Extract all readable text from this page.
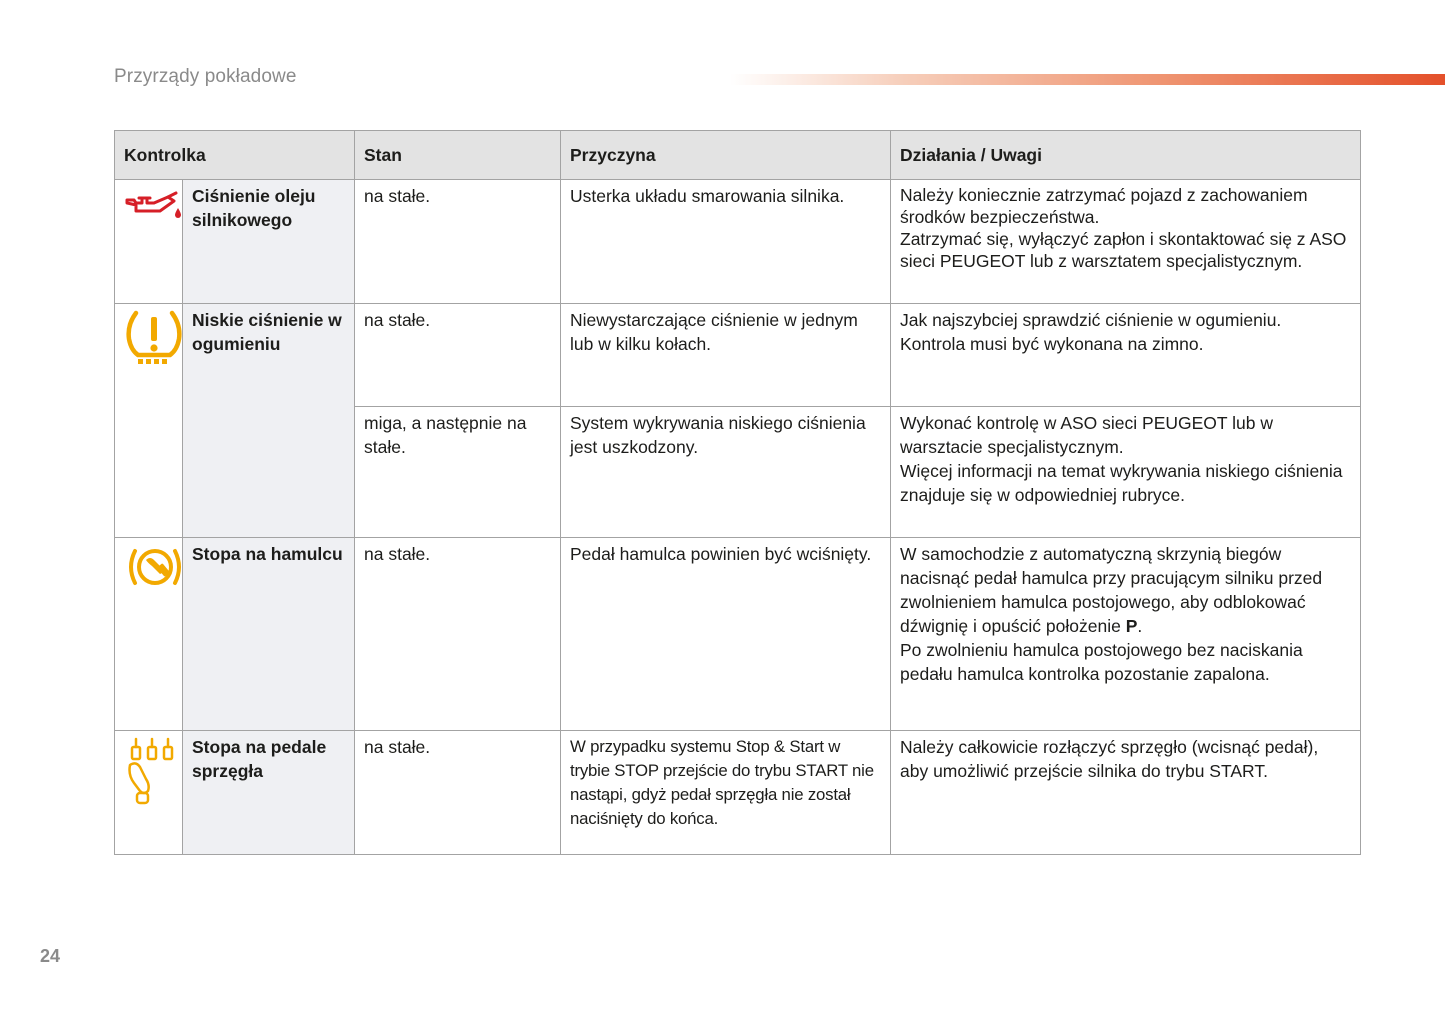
Przyrządy pokładowe
Kontrolka		Stan	Przyczyna	Działania / Uwagi

	Ciśnienie oleju silnikowego	na stałe.	Usterka układu smarowania silnika.	Należy koniecznie zatrzymać pojazd z zachowaniem środków bezpieczeństwa.
Zatrzymać się, wyłączyć zapłon i skontaktować się z ASO sieci PEUGEOT lub z warsztatem specjalistycznym.

	Niskie ciśnienie w ogumieniu	na stałe.	Niewystarczające ciśnienie w jednym lub w kilku kołach.	Jak najszybciej sprawdzić ciśnienie w ogumieniu.
Kontrola musi być wykonana na zimno.

		miga, a następnie na stałe.	System wykrywania niskiego ciśnienia jest uszkodzony.	Wykonać kontrolę w ASO sieci PEUGEOT lub w warsztacie specjalistycznym.
Więcej informacji na temat wykrywania niskiego ciśnienia znajduje się w odpowiedniej rubryce.

	Stopa na hamulcu	na stałe.	Pedał hamulca powinien być wciśnięty.	W samochodzie z automatyczną skrzynią biegów nacisnąć pedał hamulca przy pracującym silniku przed zwolnieniem hamulca postojowego, aby odblokować dźwignię i opuścić położenie P.
Po zwolnieniu hamulca postojowego bez naciskania pedału hamulca kontrolka pozostanie zapalona.

	Stopa na pedale sprzęgła	na stałe.	W przypadku systemu Stop & Start w trybie STOP przejście do trybu START nie nastąpi, gdyż pedał sprzęgła nie został naciśnięty do końca.	Należy całkowicie rozłączyć sprzęgło (wcisnąć pedał), aby umożliwić przejście silnika do trybu START.
24
